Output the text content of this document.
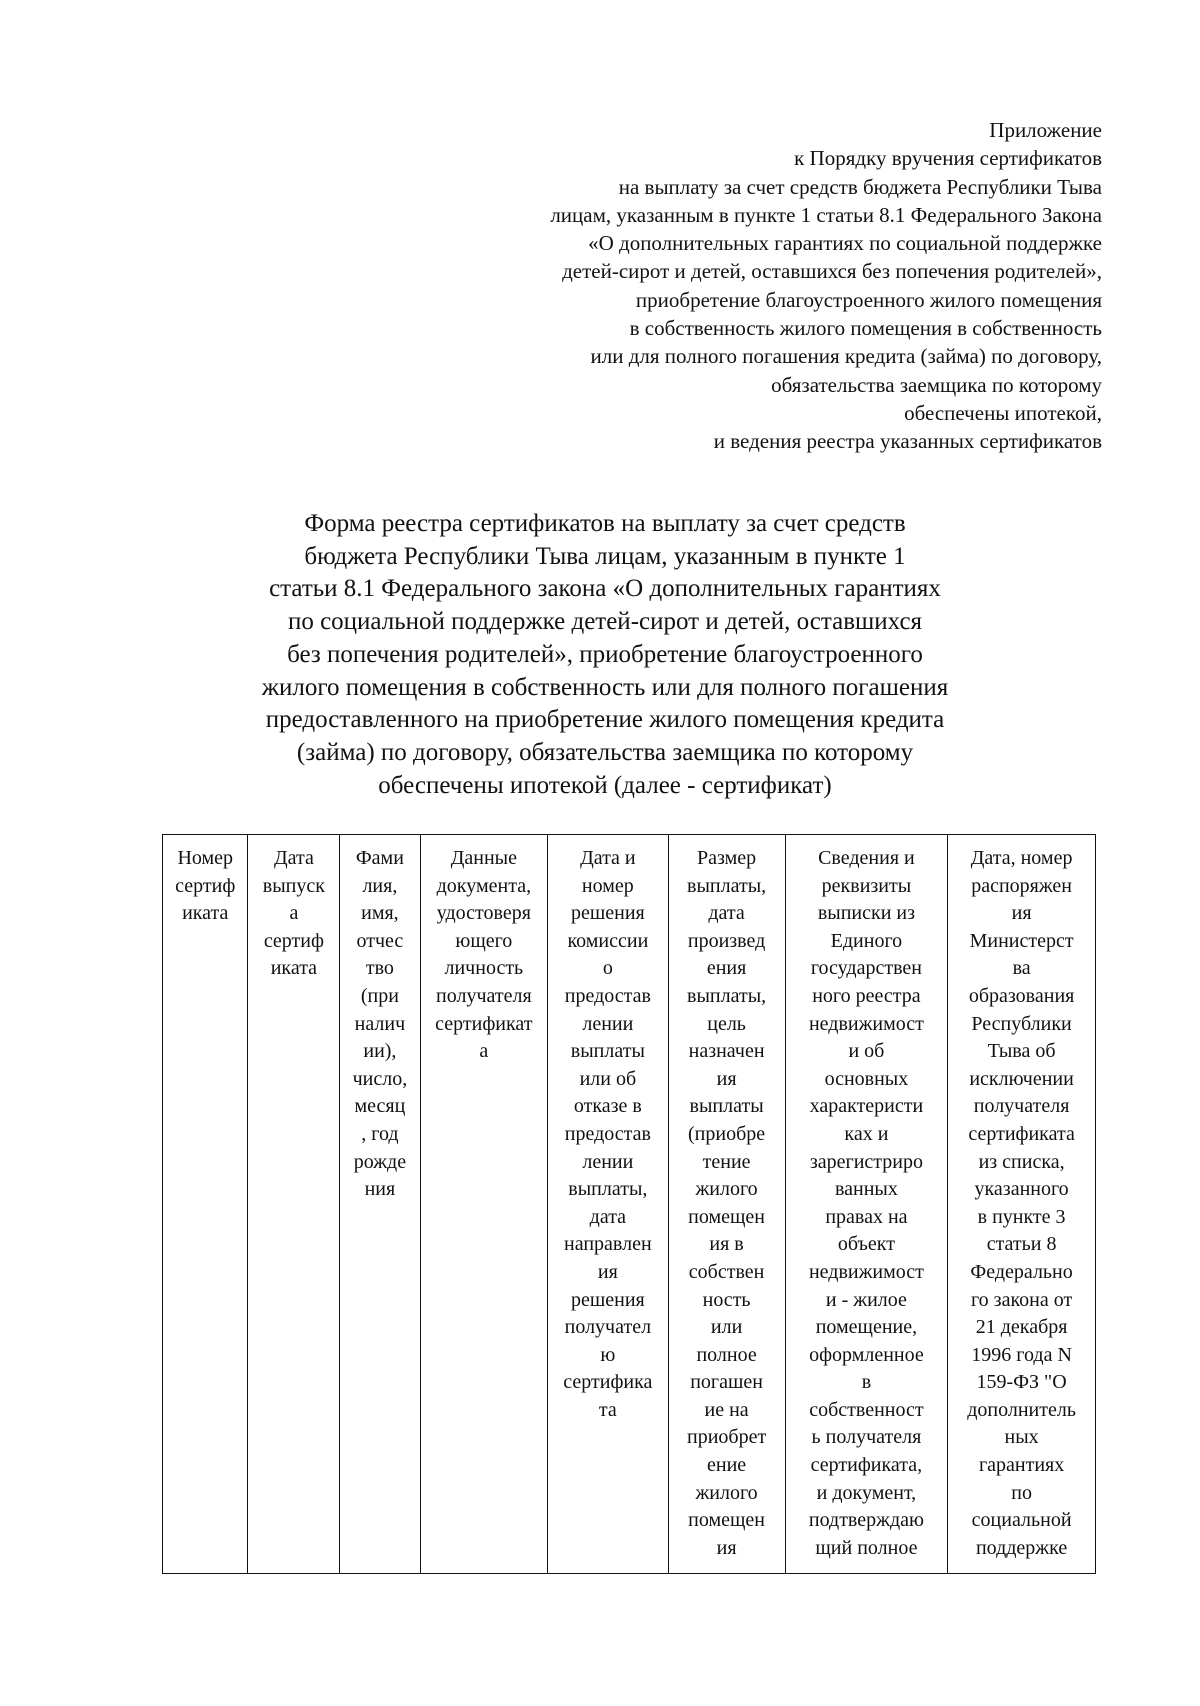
Приложение
к Порядку вручения сертификатов
на выплату за счет средств бюджета Республики Тыва
лицам, указанным в пункте 1 статьи 8.1 Федерального Закона
«О дополнительных гарантиях по социальной поддержке
детей-сирот и детей, оставшихся без попечения родителей»,
приобретение благоустроенного жилого помещения
в собственность жилого помещения в собственность
или для полного погашения кредита (займа) по договору,
обязательства заемщика по которому
обеспечены ипотекой,
и ведения реестра указанных сертификатов
Форма реестра сертификатов на выплату за счет средств
бюджета Республики Тыва лицам, указанным в пункте 1
статьи 8.1 Федерального закона «О дополнительных гарантиях
по социальной поддержке детей-сирот и детей, оставшихся
без попечения родителей», приобретение благоустроенного
жилого помещения в собственность или для полного погашения
предоставленного на приобретение жилого помещения кредита
(займа) по договору, обязательства заемщика по которому
обеспечены ипотекой (далее - сертификат)
Номер
сертиф
иката

Дата
выпуск
а
сертиф
иката

Фами
лия,
имя,
отчес
тво
(при
налич
ии),
число,
месяц
, год
рожде
ния

Данные
документа,
удостоверя
ющего
личность
получателя
сертификат
а

Дата и
номер
решения
комиссии
о
предостав
лении
выплаты
или об
отказе в
предостав
лении
выплаты,
дата
направлен
ия
решения
получател
ю
сертифика
та

Размер
выплаты,
дата
произвед
ения
выплаты,
цель
назначен
ия
выплаты
(приобре
тение
жилого
помещен
ия в
собствен
ность
или
полное
погашен
ие на
приобрет
ение
жилого
помещен
ия

Сведения и
реквизиты
выписки из
Единого
государствен
ного реестра
недвижимост
и об
основных
характеристи
ках и
зарегистриро
ванных
правах на
объект
недвижимост
и - жилое
помещение,
оформленное
в
собственност
ь получателя
сертификата,
и документ,
подтверждаю
щий полное

Дата, номер
распоряжен
ия
Министерст
ва
образования
Республики
Тыва об
исключении
получателя
сертификата
из списка,
указанного
в пункте 3
статьи 8
Федерально
го закона от
21 декабря
1996 года N
159-ФЗ "О
дополнитель
ных
гарантиях
по
социальной
поддержке
